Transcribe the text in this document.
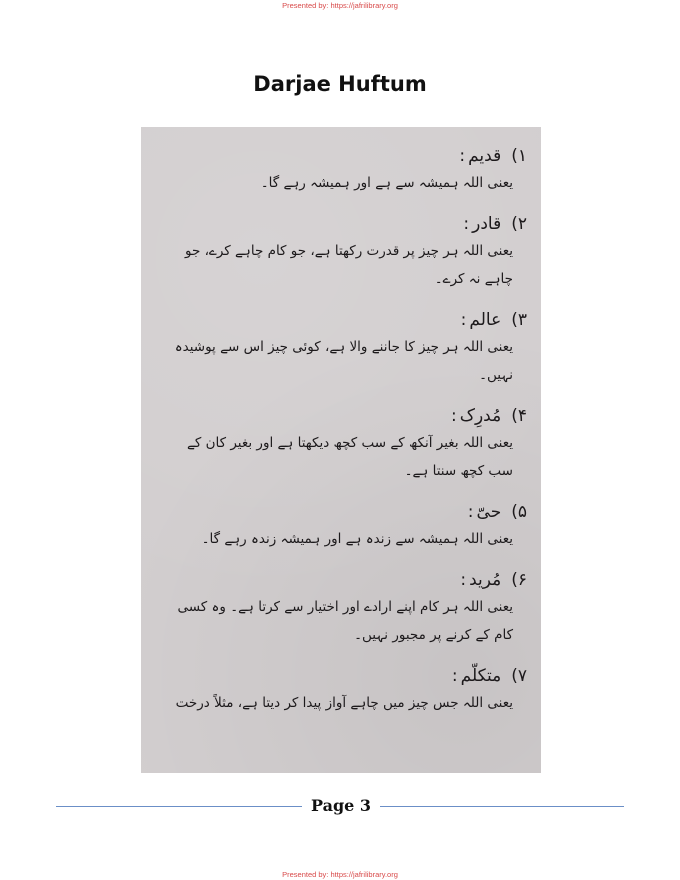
Presented by: https://jafrilibrary.org
Darjae Huftum
۱)قدیم:
یعنی اللہ ہمیشہ سے ہے اور ہمیشہ رہے گا۔
۲)قادر:
یعنی اللہ ہر چیز پر قدرت رکھتا ہے، جو کام چاہے کرے، جو
چاہے نہ کرے۔
۳)عالم:
یعنی اللہ ہر چیز کا جاننے والا ہے، کوئی چیز اس سے پوشیدہ نہیں۔
۴)مُدرِک:
یعنی اللہ بغیر آنکھ کے سب کچھ دیکھتا ہے اور بغیر کان کے
سب کچھ سنتا ہے۔
۵)حیّ:
یعنی اللہ ہمیشہ سے زندہ ہے اور ہمیشہ زندہ رہے گا۔
۶)مُرید:
یعنی اللہ ہر کام اپنے ارادے اور اختیار سے کرتا ہے۔ وہ کسی
کام کے کرنے پر مجبور نہیں۔
۷)متکلّم:
یعنی اللہ جس چیز میں چاہے آواز پیدا کر دیتا ہے، مثلاً درخت
Page 3
Presented by: https://jafrilibrary.org
